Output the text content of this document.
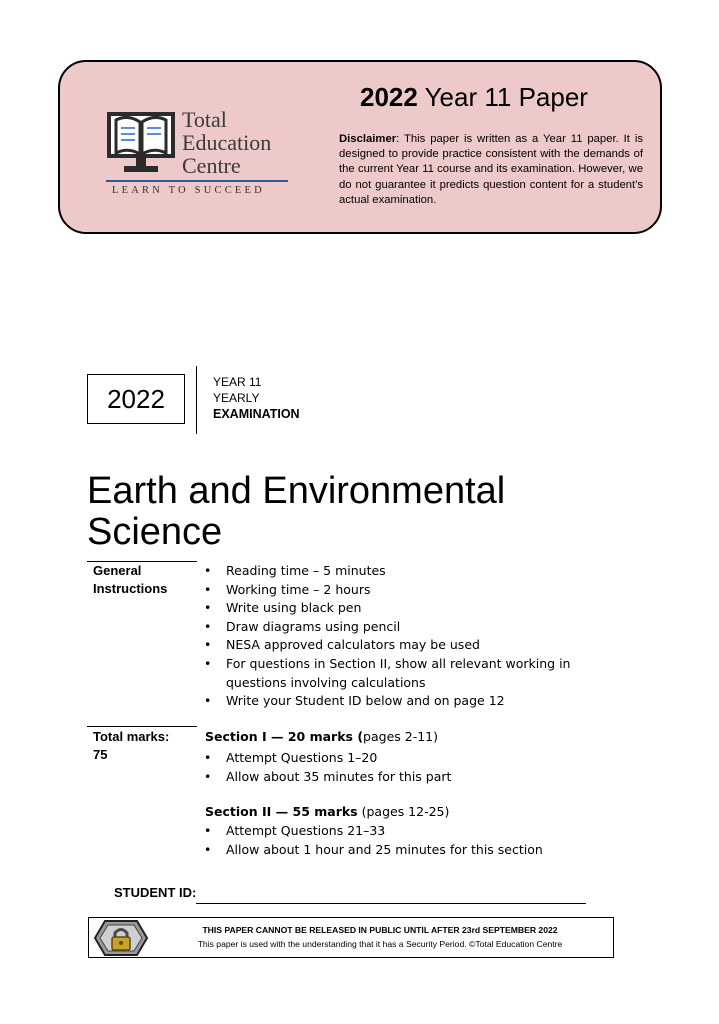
Total
Education
Centre
LEARN TO SUCCEED
2022 Year 11 Paper
Disclaimer: This paper is written as a Year 11 paper. It is designed to provide practice consistent with the demands of the current Year 11 course and its examination. However, we do not guarantee it predicts question content for a student's actual examination.
2022
YEAR 11
YEARLY
EXAMINATION
Earth and Environmental
Science
General
Instructions
• Reading time – 5 minutes
• Working time – 2 hours
• Write using black pen
• Draw diagrams using pencil
• NESA approved calculators may be used
• For questions in Section II, show all relevant working in questions involving calculations
• Write your Student ID below and on page 12
Total marks:
75
Section I — 20 marks (pages 2-11)
• Attempt Questions 1–20
• Allow about 35 minutes for this part
Section II — 55 marks (pages 12-25)
• Attempt Questions 21–33
• Allow about 1 hour and 25 minutes for this section
STUDENT ID:
THIS PAPER CANNOT BE RELEASED IN PUBLIC UNTIL AFTER 23rd SEPTEMBER 2022
This paper is used with the understanding that it has a Security Period. ©Total Education Centre
